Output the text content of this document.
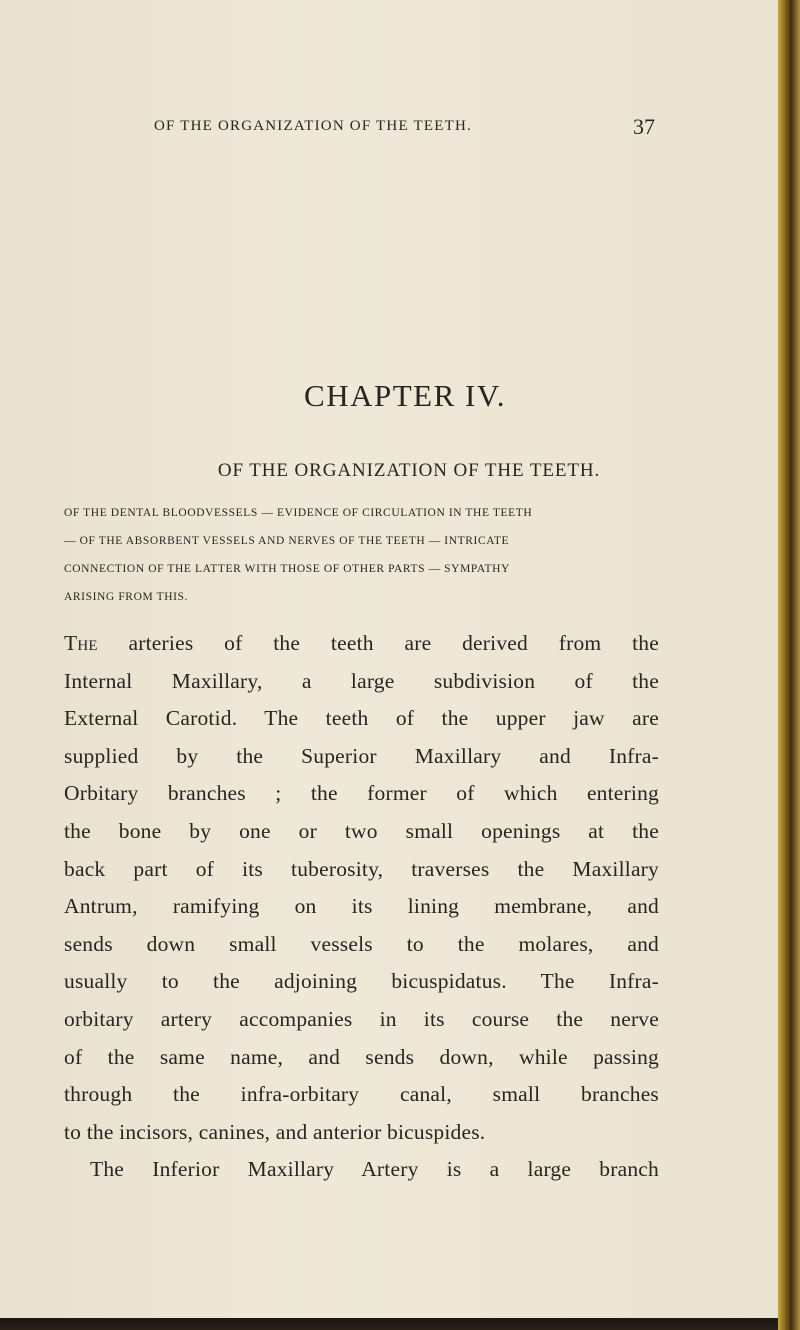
OF THE ORGANIZATION OF THE TEETH.	37
CHAPTER IV.
OF THE ORGANIZATION OF THE TEETH.
OF THE DENTAL BLOODVESSELS — EVIDENCE OF CIRCULATION IN THE TEETH
— OF THE ABSORBENT VESSELS AND NERVES OF THE TEETH — INTRICATE
CONNECTION OF THE LATTER WITH THOSE OF OTHER PARTS — SYMPATHY
ARISING FROM THIS.
The arteries of the teeth are derived from the
Internal Maxillary, a large subdivision of the
External Carotid. The teeth of the upper jaw are
supplied by the Superior Maxillary and Infra-
Orbitary branches ; the former of which entering
the bone by one or two small openings at the
back part of its tuberosity, traverses the Maxillary
Antrum, ramifying on its lining membrane, and
sends down small vessels to the molares, and
usually to the adjoining bicuspidatus. The Infra-
orbitary artery accompanies in its course the nerve
of the same name, and sends down, while passing
through the infra-orbitary canal, small branches
to the incisors, canines, and anterior bicuspides.
The Inferior Maxillary Artery is a large branch
